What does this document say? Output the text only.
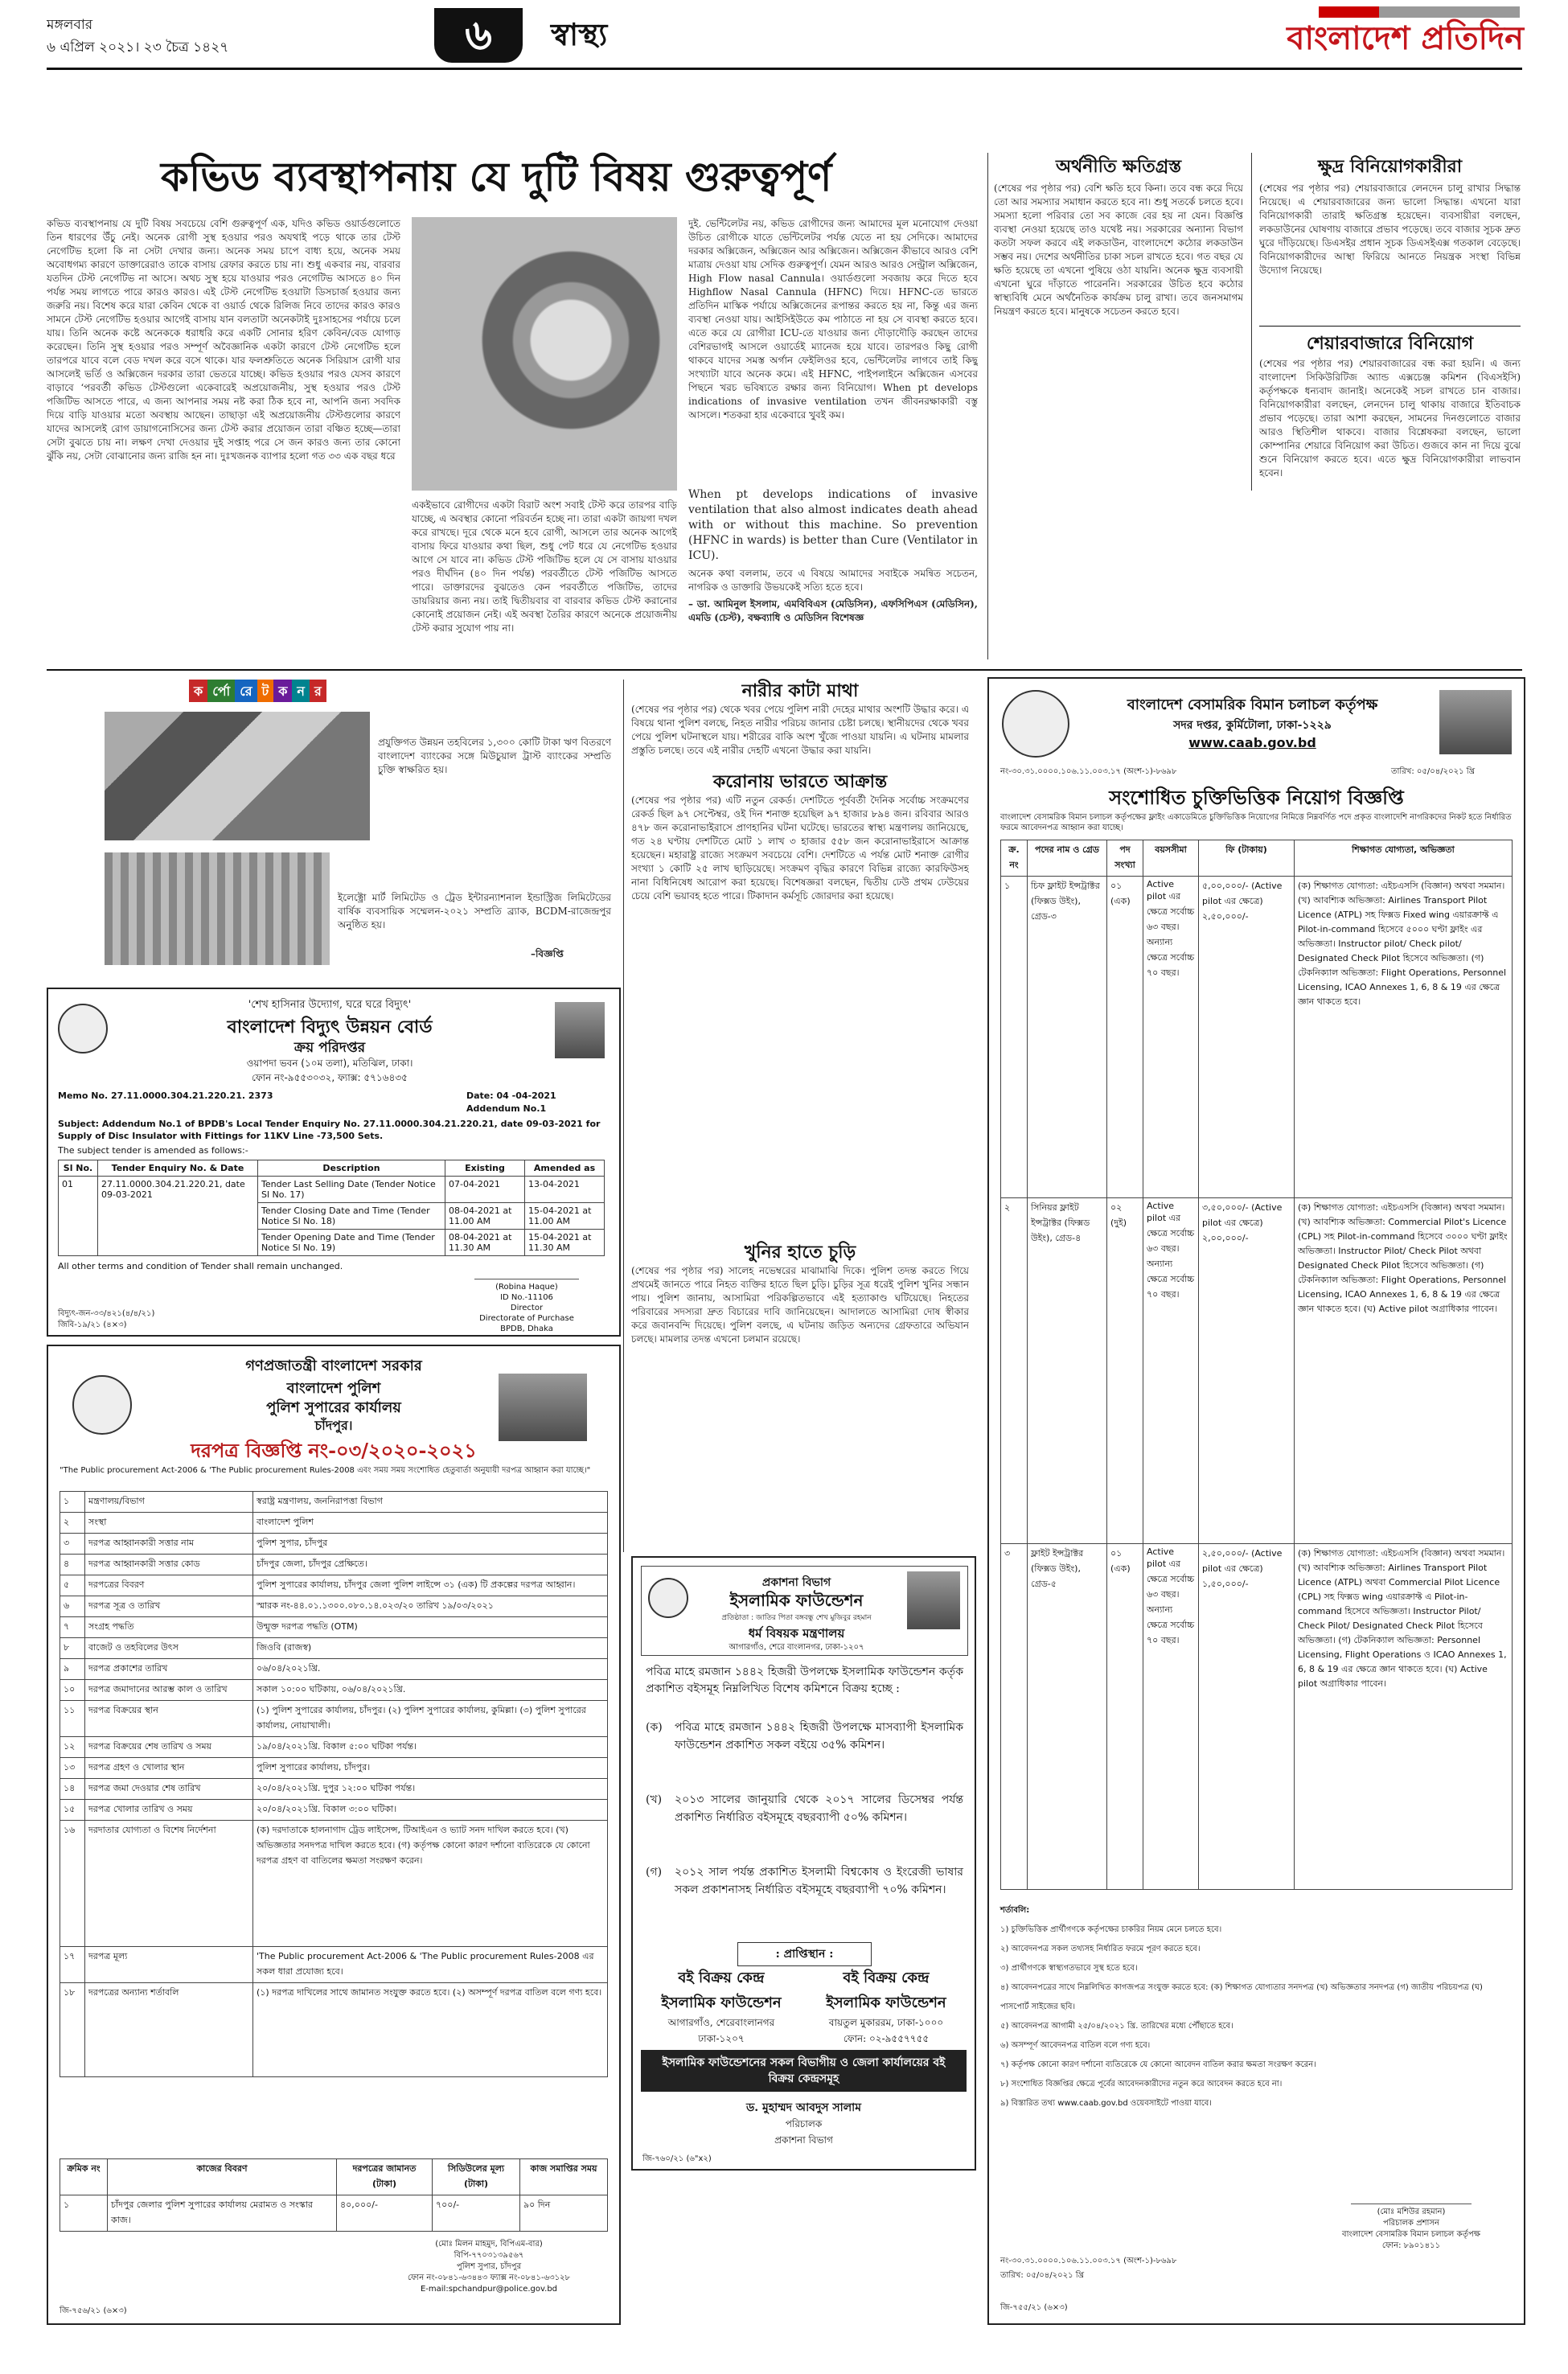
মঙ্গলবার
৬ এপ্রিল ২০২১। ২৩ চৈত্র ১৪২৭	৬	স্বাস্থ্য	বাংলাদেশ প্রতিদিন
কভিড ব্যবস্থাপনায় যে দুটি বিষয় গুরুত্বপূর্ণ
কভিড ব্যবস্থাপনায় যে দুটি বিষয় সবচেয়ে বেশি গুরুত্বপূর্ণ এক, যদিও কভিড ওয়ার্ডগুলোতে তিন ধারণের উঁচু নেই। অনেক রোগী সুস্থ হওয়ার পরও অযথাই পড়ে থাকে তার টেস্ট নেগেটিভ হলো কি না সেটা দেখার জন্য। অনেক সময় চাপে বাধ্য হয়ে, অনেক সময় অবোধগম্য কারণে ডাক্তারেরাও তাকে বাসায় রেফার করতে চায় না। শুধু একবার নয়, বারবার যতদিন টেস্ট নেগেটিভ না আসে। অথচ সুস্থ হয়ে যাওয়ার পরও নেগেটিভ আসতে ৪০ দিন পর্যন্ত সময় লাগতে পারে কারও কারও। এই টেস্ট নেগেটিভ হওয়াটা ডিসচার্জ হওয়ার জন্য জরুরি নয়। বিশেষ করে যারা কেবিন থেকে বা ওয়ার্ড থেকে রিলিজ নিবে তাদের কারও কারও সামনে টেস্ট নেগেটিভ হওয়ার আগেই বাসায় যান বলতাটা অনেকটাই দুঃসাহসের পর্যায়ে চলে যায়। তিনি অনেক কষ্টে অনেককে ধরাধরি করে একটি সোনার হরিণ কেবিন/বেড যোগাড় করেছেন। তিনি সুস্থ হওয়ার পরও সম্পূর্ণ অবৈজ্ঞানিক একটা কারণে টেস্ট নেগেটিভ হলে তারপরে যাবে বলে বেড দখল করে বসে থাকে। যার ফলশ্রুতিতে অনেক সিরিয়াস রোগী যার আসলেই ভর্তি ও অক্সিজেন দরকার তারা ভেতরে যাচ্ছে। কভিড হওয়ার পরও যেসব কারণে বাড়াবে ‘পরবর্তী কভিড টেস্টগুলো একেবারেই অপ্রয়োজনীয়, সুস্থ হওয়ার পরও টেস্ট পজিটিভ আসতে পারে, এ জন্য আপনার সময় নষ্ট করা ঠিক হবে না, আপনি জন্য সবদিক দিয়ে বাড়ি যাওয়ার মতো অবস্থায় আছেন। তাছাড়া এই অপ্রয়োজনীয় টেস্টগুলোর কারণে যাদের আসলেই রোগ ডায়াগনোসিসের জন্য টেস্ট করার প্রয়োজন তারা বঞ্চিত হচ্ছে—তারা সেটা বুঝতে চায় না। লক্ষণ দেখা দেওয়ার দুই সপ্তাহ পরে সে জন কারও জন্য তার কোনো ঝুঁকি নয়, সেটা বোঝানোর জন্য রাজি হন না। দুঃখজনক ব্যাপার হলো গত ৩৩ এক বছর ধরে
একইভাবে রোগীদের একটা বিরাট অংশ সবাই টেস্ট করে তারপর বাড়ি যাচ্ছে, এ অবস্থার কোনো পরিবর্তন হচ্ছে না। তারা একটা জায়গা দখল করে রাখছে। দূরে থেকে মনে হবে রোগী, আসলে তার অনেক আগেই বাসায় ফিরে যাওয়ার কথা ছিল, শুধু পেট ধরে যে নেগেটিভ হওয়ার আগে সে যাবে না। কভিড টেস্ট পজিটিভ হলে যে সে বাসায় যাওয়ার পরও দীর্ঘদিন (৪০ দিন পর্যন্ত) পরবর্তীতে টেস্ট পজিটিভ আসতে পারে। ডাক্তারদের বুঝতেও কেন পরবর্তীতে পজিটিভ, তাদের ডায়রিয়ার জন্য নয়। তাই দ্বিতীয়বার বা বারবার কভিড টেস্ট করানোর কোনোই প্রয়োজন নেই। এই অবস্থা তৈরির কারণে অনেকে প্রয়োজনীয় টেস্ট করার সুযোগ পায় না।
দুই. ভেন্টিলেটর নয়, কভিড রোগীদের জন্য আমাদের মূল মনোযোগ দেওয়া উচিত রোগীকে যাতে ভেন্টিলেটর পর্যন্ত যেতে না হয় সেদিকে। আমাদের দরকার অক্সিজেন, অক্সিজেন আর অক্সিজেন। অক্সিজেন কীভাবে আরও বেশি মাত্রায় দেওয়া যায় সেদিক গুরুত্বপূর্ণ। যেমন আরও আরও সেন্ট্রাল অক্সিজেন, High Flow nasal Cannula। ওয়ার্ডগুলো সবজায় করে দিতে হবে Highflow Nasal Cannula (HFNC) দিয়ে। HFNC-তে ভারতে প্রতিদিন মাস্কিক পর্যায়ে অক্সিজেনের রূপান্তর করতে হয় না, কিন্তু এর জন্য ব্যবস্থা নেওয়া যায়। আইসিইউতে কম পাঠাতে না হয় সে ব্যবস্থা করতে হবে। এতে করে যে রোগীরা ICU-তে যাওয়ার জন্য দৌড়াদৌড়ি করছেন তাদের বেশিরভাগই আসলে ওয়ার্ডেই ম্যানেজ হয়ে যাবে। তারপরও কিছু রোগী থাকবে যাদের সমস্ত অর্গান ফেইলিওর হবে, ভেন্টিলেটর লাগবে তাই কিছু সংখ্যাটা যাবে অনেক কমে। এই HFNC, পাইপলাইনে অক্সিজেন এসবের পিছনে খরচ ভবিষ্যতে রক্ষার জন্য বিনিয়োগ। When pt develops indications of invasive ventilation তখন জীবনরক্ষাকারী বস্তু আসলে। শতকরা হার একেবারে খুবই কম।
When pt develops indications of invasive ventilation that also almost indicates death ahead with or without this machine. So prevention (HFNC in wards) is better than Cure (Ventilator in ICU).
অনেক কথা বললাম, তবে এ বিষয়ে আমাদের সবাইকে সমন্বিত সচেতন, নাগরিক ও ডাক্তারি উভয়কেই সত্যি হতে হবে।
– ডা. আমিনুল ইসলাম, এমবিবিএস (মেডিসিন), এফসিপিএস (মেডিসিন), এমডি (চেস্ট), বক্ষব্যাধি ও মেডিসিন বিশেষজ্ঞ
অর্থনীতি ক্ষতিগ্রস্ত
(শেষের পর পৃষ্ঠার পর) বেশি ক্ষতি হবে কিনা। তবে বন্ধ করে দিয়ে তো আর সমস্যার সমাধান করতে হবে না। শুধু সতর্কে চলতে হবে। সমস্যা হলো পরিবার তো সব কাজে বের হয় না যেন। বিজ্ঞপ্তি ব্যবস্থা নেওয়া হয়েছে তাও যথেষ্ট নয়। সরকারের অন্যান্য বিভাগ কতটা সফল করবে এই লকডাউন, বাংলাদেশে কঠোর লকডাউন সম্ভব নয়। দেশের অর্থনীতির চাকা সচল রাখতে হবে। গত বছর যে ক্ষতি হয়েছে তা এখনো পুষিয়ে ওঠা যায়নি। অনেক ক্ষুদ্র ব্যবসায়ী এখনো ঘুরে দাঁড়াতে পারেননি। সরকারের উচিত হবে কঠোর স্বাস্থ্যবিধি মেনে অর্থনৈতিক কার্যক্রম চালু রাখা। তবে জনসমাগম নিয়ন্ত্রণ করতে হবে। মানুষকে সচেতন করতে হবে।
ক্ষুদ্র বিনিয়োগকারীরা
(শেষের পর পৃষ্ঠার পর) শেয়ারবাজারে লেনদেন চালু রাখার সিদ্ধান্ত নিয়েছে। এ শেয়ারবাজারের জন্য ভালো সিদ্ধান্ত। এখনো যারা বিনিয়োগকারী তারাই ক্ষতিগ্রস্ত হয়েছেন। ব্যবসায়ীরা বলছেন, লকডাউনের ঘোষণায় বাজারে প্রভাব পড়েছে। তবে বাজার সূচক দ্রুত ঘুরে দাঁড়িয়েছে। ডিএসইর প্রধান সূচক ডিএসইএক্স গতকাল বেড়েছে। বিনিয়োগকারীদের আস্থা ফিরিয়ে আনতে নিয়ন্ত্রক সংস্থা বিভিন্ন উদ্যোগ নিয়েছে।
শেয়ারবাজারে বিনিয়োগ
(শেষের পর পৃষ্ঠার পর) শেয়ারবাজারের বন্ধ করা হয়নি। এ জন্য বাংলাদেশ সিকিউরিটিজ অ্যান্ড এক্সচেঞ্জ কমিশন (বিএসইসি) কর্তৃপক্ষকে ধন্যবাদ জানাই। অনেকেই সচল রাখতে চান বাজার। বিনিয়োগকারীরা বলছেন, লেনদেন চালু থাকায় বাজারে ইতিবাচক প্রভাব পড়েছে। তারা আশা করছেন, সামনের দিনগুলোতে বাজার আরও স্থিতিশীল থাকবে। বাজার বিশ্লেষকরা বলছেন, ভালো কোম্পানির শেয়ারে বিনিয়োগ করা উচিত। গুজবে কান না দিয়ে বুঝে শুনে বিনিয়োগ করতে হবে। এতে ক্ষুদ্র বিনিয়োগকারীরা লাভবান হবেন।
ক র্পো রে ট ক ন র
প্রযুক্তিগত উন্নয়ন তহবিলের ১,৩০০ কোটি টাকা ঋণ বিতরণে বাংলাদেশ ব্যাংকের সঙ্গে মিউচুয়াল ট্রাস্ট ব্যাংকের সম্প্রতি চুক্তি স্বাক্ষরিত হয়।
ইলেক্ট্রো মার্ট লিমিটেড ও ট্রেড ইন্টারন্যাশনাল ইন্ডাস্ট্রিজ লিমিটেডের বার্ষিক ব্যবসায়িক সম্মেলন-২০২১ সম্প্রতি ব্র্যাক, BCDM-রাজেন্দ্রপুর অনুষ্ঠিত হয়।
–বিজ্ঞপ্তি
নারীর কাটা মাথা
(শেষের পর পৃষ্ঠার পর) থেকে খবর পেয়ে পুলিশ নারী দেহের মাথার অংশটি উদ্ধার করে। এ বিষয়ে থানা পুলিশ বলছে, নিহত নারীর পরিচয় জানার চেষ্টা চলছে। স্থানীয়দের থেকে খবর পেয়ে পুলিশ ঘটনাস্থলে যায়। শরীরের বাকি অংশ খুঁজে পাওয়া যায়নি। এ ঘটনায় মামলার প্রস্তুতি চলছে। তবে এই নারীর দেহটি এখনো উদ্ধার করা যায়নি।
করোনায় ভারতে আক্রান্ত
(শেষের পর পৃষ্ঠার পর) এটি নতুন রেকর্ড। দেশটিতে পূর্ববর্তী দৈনিক সর্বোচ্চ সংক্রমণের রেকর্ড ছিল ৯৭ সেপ্টেম্বর, ওই দিন শনাক্ত হয়েছিল ৯৭ হাজার ৮৯৪ জন। রবিবার আরও ৪৭৮ জন করোনাভাইরাসে প্রাণহানির ঘটনা ঘটেছে। ভারতের স্বাস্থ্য মন্ত্রণালয় জানিয়েছে, গত ২৪ ঘণ্টায় দেশটিতে মোট ১ লাখ ৩ হাজার ৫৫৮ জন করোনাভাইরাসে আক্রান্ত হয়েছেন। মহারাষ্ট্র রাজ্যে সংক্রমণ সবচেয়ে বেশি। দেশটিতে এ পর্যন্ত মোট শনাক্ত রোগীর সংখ্যা ১ কোটি ২৫ লাখ ছাড়িয়েছে। সংক্রমণ বৃদ্ধির কারণে বিভিন্ন রাজ্যে কারফিউসহ নানা বিধিনিষেধ আরোপ করা হয়েছে। বিশেষজ্ঞরা বলছেন, দ্বিতীয় ঢেউ প্রথম ঢেউয়ের চেয়ে বেশি ভয়াবহ হতে পারে। টিকাদান কর্মসূচি জোরদার করা হয়েছে।
খুনির হাতে চুড়ি
(শেষের পর পৃষ্ঠার পর) সালেহ নভেম্বরের মাঝামাঝি দিকে। পুলিশ তদন্ত করতে গিয়ে প্রথমেই জানতে পারে নিহত ব্যক্তির হাতে ছিল চুড়ি। চুড়ির সূত্র ধরেই পুলিশ খুনির সন্ধান পায়। পুলিশ জানায়, আসামিরা পরিকল্পিতভাবে এই হত্যাকাণ্ড ঘটিয়েছে। নিহতের পরিবারের সদস্যরা দ্রুত বিচারের দাবি জানিয়েছেন। আদালতে আসামিরা দোষ স্বীকার করে জবানবন্দি দিয়েছে। পুলিশ বলছে, এ ঘটনায় জড়িত অন্যদের গ্রেফতারে অভিযান চলছে। মামলার তদন্ত এখনো চলমান রয়েছে।
'শেখ হাসিনার উদ্যোগ, ঘরে ঘরে বিদ্যুৎ'
বাংলাদেশ বিদ্যুৎ উন্নয়ন বোর্ড
ক্রয় পরিদপ্তর
ওয়াপদা ভবন (১০ম তলা), মতিঝিল, ঢাকা।
ফোন নং-৯৫৫৩০৩২, ফ্যাক্স: ৫৭১৬৪৩৫
Memo No. 27.11.0000.304.21.220.21. 2373	Date: 04 -04-2021
Addendum No.1
Subject: Addendum No.1 of BPDB's Local Tender Enquiry No. 27.11.0000.304.21.220.21, date 09-03-2021 for Supply of Disc Insulator with Fittings for 11KV Line -73,500 Sets.
The subject tender is amended as follows:-
Sl No.	Tender Enquiry No. & Date	Description	Existing	Amended as
01	27.11.0000.304.21.220.21, date 09-03-2021	Tender Last Selling Date (Tender Notice Sl No. 17)	07-04-2021	13-04-2021
		Tender Closing Date and Time (Tender Notice Sl No. 18)	08-04-2021 at 11.00 AM	15-04-2021 at 11.00 AM
		Tender Opening Date and Time (Tender Notice Sl No. 19)	08-04-2021 at 11.30 AM	15-04-2021 at 11.30 AM
All other terms and condition of Tender shall remain unchanged.
(Robina Haque)
ID No.-11106
Director
Directorate of Purchase
BPDB, Dhaka
বিদ্যুৎ-জন-৩৩/৪২১(৪/৪/২১)
জিবি-১৯/২১ (৪×৩)
গণপ্রজাতন্ত্রী বাংলাদেশ সরকার
বাংলাদেশ পুলিশ
পুলিশ সুপারের কার্যালয়
চাঁদপুর।
দরপত্র বিজ্ঞপ্তি নং-০৩/২০২০-২০২১
"The Public procurement Act-2006 & 'The Public procurement Rules-2008 এবং সময় সময় সংশোধিত হেতুবার্তা অনুযায়ী দরপত্র আহ্বান করা যাচ্ছে।"
১	মন্ত্রণালয়/বিভাগ	স্বরাষ্ট্র মন্ত্রণালয়, জননিরাপত্তা বিভাগ
২	সংস্থা	বাংলাদেশ পুলিশ
৩	দরপত্র আহ্বানকারী সত্তার নাম	পুলিশ সুপার, চাঁদপুর
৪	দরপত্র আহ্বানকারী সত্তার কোড	চাঁদপুর জেলা, চাঁদপুর প্রেক্ষিতে।
৫	দরপত্রের বিবরণ	পুলিশ সুপারের কার্যালয়, চাঁদপুর জেলা পুলিশ লাইন্সে ৩১ (এক) টি প্রকল্পের দরপত্র আহ্বান।
৬	দরপত্র সূত্র ও তারিখ	স্মারক নং-৪৪.০১.১৩০০.০৮০.১৪.০২৩/২০ তারিখ ১৯/০৩/২০২১
৭	সংগ্রহ পদ্ধতি	উন্মুক্ত দরপত্র পদ্ধতি (OTM)
৮	বাজেট ও তহবিলের উৎস	জিওবি (রাজস্ব)
৯	দরপত্র প্রকাশের তারিখ	০৬/০৪/২০২১খ্রি.
১০	দরপত্র জমাদানের আরম্ভ কাল ও তারিখ	সকাল ১০:০০ ঘটিকায়, ০৬/০৪/২০২১খ্রি.
১১	দরপত্র বিক্রয়ের স্থান	(১) পুলিশ সুপারের কার্যালয়, চাঁদপুর। (২) পুলিশ সুপারের কার্যালয়, কুমিল্লা। (৩) পুলিশ সুপারের কার্যালয়, নোয়াখালী।
১২	দরপত্র বিক্রয়ের শেষ তারিখ ও সময়	১৯/০৪/২০২১খ্রি. বিকাল ৫:০০ ঘটিকা পর্যন্ত।
১৩	দরপত্র গ্রহণ ও খোলার স্থান	পুলিশ সুপারের কার্যালয়, চাঁদপুর।
১৪	দরপত্র জমা দেওয়ার শেষ তারিখ	২০/০৪/২০২১খ্রি. দুপুর ১২:০০ ঘটিকা পর্যন্ত।
১৫	দরপত্র খোলার তারিখ ও সময়	২০/০৪/২০২১খ্রি. বিকাল ৩:০০ ঘটিকা।
১৬	দরদাতার যোগ্যতা ও বিশেষ নির্দেশনা	(ক) দরদাতাকে হালনাগাদ ট্রেড লাইসেন্স, টিআইএন ও ভ্যাট সনদ দাখিল করতে হবে। (খ) অভিজ্ঞতার সনদপত্র দাখিল করতে হবে। (গ) কর্তৃপক্ষ কোনো কারণ দর্শানো ব্যতিরেকে যে কোনো দরপত্র গ্রহণ বা বাতিলের ক্ষমতা সংরক্ষণ করেন।
১৭	দরপত্র মূল্য	'The Public procurement Act-2006 & 'The Public procurement Rules-2008 এর সকল ধারা প্রযোজ্য হবে।
১৮	দরপত্রের অন্যান্য শর্তাবলি	(১) দরপত্র দাখিলের সাথে জামানত সংযুক্ত করতে হবে। (২) অসম্পূর্ণ দরপত্র বাতিল বলে গণ্য হবে।
ক্রমিক নং	কাজের বিবরণ	দরপত্রের জামানত (টাকা)	সিডিউলের মূল্য (টাকা)	কাজ সমাপ্তির সময়
১	চাঁদপুর জেলার পুলিশ সুপারের কার্যালয় মেরামত ও সংস্কার কাজ।	৪০,০০০/-	৭০০/-	৯০ দিন
(মোঃ মিলন মাহমুদ, বিপিএম-বার)
বিপি-৭৭০৩১৩৯৫৬৭
পুলিশ সুপার, চাঁদপুর
ফোন নং-০৮৪১-৬৩৪৪৩ ফ্যাক্স নং-০৮৪১-৬৩১২৮
E-mail:spchandpur@police.gov.bd
জি-৭৫৬/২১ (৬×৩)
প্রকাশনা বিভাগ
ইসলামিক ফাউন্ডেশন
প্রতিষ্ঠাতা : জাতির পিতা বঙ্গবন্ধু শেখ মুজিবুর রহমান
ধর্ম বিষয়ক মন্ত্রণালয়
আগারগাঁও, শেরে বাংলানগর, ঢাকা-১২০৭
পবিত্র মাহে রমজান ১৪৪২ হিজরী উপলক্ষে ইসলামিক ফাউন্ডেশন কর্তৃক প্রকাশিত বইসমূহ নিম্নলিখিত বিশেষ কমিশনে বিক্রয় হচ্ছে :
(ক)	পবিত্র মাহে রমজান ১৪৪২ হিজরী উপলক্ষে মাসব্যাপী ইসলামিক ফাউন্ডেশন প্রকাশিত সকল বইয়ে ৩৫% কমিশন।
(খ)	২০১৩ সালের জানুয়ারি থেকে ২০১৭ সালের ডিসেম্বর পর্যন্ত প্রকাশিত নির্ধারিত বইসমূহে বছরব্যাপী ৫০% কমিশন।
(গ)	২০১২ সাল পর্যন্ত প্রকাশিত ইসলামী বিশ্বকোষ ও ইংরেজী ভাষার সকল প্রকাশনাসহ নির্ধারিত বইসমূহে বছরব্যাপী ৭০% কমিশন।
: প্রাপ্তিস্থান :
বই বিক্রয় কেন্দ্র
ইসলামিক ফাউন্ডেশন
আগারগাঁও, শেরেবাংলানগর
ঢাকা-১২০৭
বই বিক্রয় কেন্দ্র
ইসলামিক ফাউন্ডেশন
বায়তুল মুকাররম, ঢাকা-১০০০
ফোন: ০২-৯৫৫৭৭৫৫
ইসলামিক ফাউন্ডেশনের সকল বিভাগীয় ও জেলা কার্যালয়ের বই বিক্রয় কেন্দ্রসমূহ
ড. মুহাম্মদ আবদুস সালাম
পরিচালক
প্রকাশনা বিভাগ
জি-৭৬০/২১ (৬"x২)
বাংলাদেশ বেসামরিক বিমান চলাচল কর্তৃপক্ষ
সদর দপ্তর, কুর্মিটোলা, ঢাকা-১২২৯
www.caab.gov.bd
নং-৩০.৩১.০০০০.১০৬.১১.০০৩.১৭ (অংশ-১)-৮৬৯৮	তারিখ: ০৫/০৪/২০২১ খ্রি
সংশোধিত চুক্তিভিত্তিক নিয়োগ বিজ্ঞপ্তি
বাংলাদেশ বেসামরিক বিমান চলাচল কর্তৃপক্ষের ফ্লাইং একাডেমিতে চুক্তিভিত্তিক নিয়োগের নিমিত্তে নিম্নবর্ণিত পদে প্রকৃত বাংলাদেশি নাগরিকদের নিকট হতে নির্ধারিত ফরমে আবেদনপত্র আহ্বান করা যাচ্ছে।
ক্র. নং	পদের নাম ও গ্রেড	পদ সংখ্যা	বয়সসীমা	ফি (টাকায়)	শিক্ষাগত যোগ্যতা, অভিজ্ঞতা
১	চিফ ফ্লাইট ইন্সট্রাক্টর (ফিক্সড উইং), গ্রেড-৩	০১ (এক)	Active pilot এর ক্ষেত্রে সর্বোচ্চ ৬৩ বছর। অন্যান্য ক্ষেত্রে সর্বোচ্চ ৭০ বছর।	৫,০০,০০০/- (Active pilot এর ক্ষেত্রে) ২,৫০,০০০/-	(ক) শিক্ষাগত যোগ্যতা: এইচএসসি (বিজ্ঞান) অথবা সমমান। (খ) আবশ্যিক অভিজ্ঞতা: Airlines Transport Pilot Licence (ATPL) সহ ফিক্সড Fixed wing এয়ারক্রাফ্ট এ Pilot-in-command হিসেবে ৫০০০ ঘণ্টা ফ্লাইং এর অভিজ্ঞতা। Instructor pilot/ Check pilot/ Designated Check Pilot হিসেবে অভিজ্ঞতা। (গ) টেকনিক্যাল অভিজ্ঞতা: Flight Operations, Personnel Licensing, ICAO Annexes 1, 6, 8 & 19 এর ক্ষেত্রে জ্ঞান থাকতে হবে।
২	সিনিয়র ফ্লাইট ইন্সট্রাক্টর (ফিক্সড উইং), গ্রেড-৪	০২ (দুই)	Active pilot এর ক্ষেত্রে সর্বোচ্চ ৬৩ বছর। অন্যান্য ক্ষেত্রে সর্বোচ্চ ৭০ বছর।	৩,৫০,০০০/- (Active pilot এর ক্ষেত্রে) ২,০০,০০০/-	(ক) শিক্ষাগত যোগ্যতা: এইচএসসি (বিজ্ঞান) অথবা সমমান। (খ) আবশ্যিক অভিজ্ঞতা: Commercial Pilot's Licence (CPL) সহ Pilot-in-command হিসেবে ৩০০০ ঘণ্টা ফ্লাইং অভিজ্ঞতা। Instructor Pilot/ Check Pilot অথবা Designated Check Pilot হিসেবে অভিজ্ঞতা। (গ) টেকনিক্যাল অভিজ্ঞতা: Flight Operations, Personnel Licensing, ICAO Annexes 1, 6, 8 & 19 এর ক্ষেত্রে জ্ঞান থাকতে হবে। (ঘ) Active pilot অগ্রাধিকার পাবেন।
৩	ফ্লাইট ইন্সট্রাক্টর (ফিক্সড উইং), গ্রেড-৫	০১ (এক)	Active pilot এর ক্ষেত্রে সর্বোচ্চ ৬৩ বছর। অন্যান্য ক্ষেত্রে সর্বোচ্চ ৭০ বছর।	২,৫০,০০০/- (Active pilot এর ক্ষেত্রে) ১,৫০,০০০/-	(ক) শিক্ষাগত যোগ্যতা: এইচএসসি (বিজ্ঞান) অথবা সমমান। (খ) আবশ্যিক অভিজ্ঞতা: Airlines Transport Pilot Licence (ATPL) অথবা Commercial Pilot Licence (CPL) সহ ফিক্সড wing এয়ারক্রাফ্ট এ Pilot-in-command হিসেবে অভিজ্ঞতা। Instructor Pilot/ Check Pilot/ Designated Check Pilot হিসেবে অভিজ্ঞতা। (গ) টেকনিক্যাল অভিজ্ঞতা: Personnel Licensing, Flight Operations ও ICAO Annexes 1, 6, 8 & 19 এর ক্ষেত্রে জ্ঞান থাকতে হবে। (ঘ) Active pilot অগ্রাধিকার পাবেন।
শর্তাবলি:
১) চুক্তিভিত্তিক প্রার্থীগণকে কর্তৃপক্ষের চাকরির নিয়ম মেনে চলতে হবে।
২) আবেদনপত্র সকল তথ্যসহ নির্ধারিত ফরমে পূরণ করতে হবে।
৩) প্রার্থীগণকে স্বাস্থ্যগতভাবে সুস্থ হতে হবে।
৪) আবেদনপত্রের সাথে নিম্নলিখিত কাগজপত্র সংযুক্ত করতে হবে: (ক) শিক্ষাগত যোগ্যতার সনদপত্র (খ) অভিজ্ঞতার সনদপত্র (গ) জাতীয় পরিচয়পত্র (ঘ) পাসপোর্ট সাইজের ছবি।
৫) আবেদনপত্র আগামী ২৫/০৪/২০২১ খ্রি. তারিখের মধ্যে পৌঁছাতে হবে।
৬) অসম্পূর্ণ আবেদনপত্র বাতিল বলে গণ্য হবে।
৭) কর্তৃপক্ষ কোনো কারণ দর্শানো ব্যতিরেকে যে কোনো আবেদন বাতিল করার ক্ষমতা সংরক্ষণ করেন।
৮) সংশোধিত বিজ্ঞপ্তির ক্ষেত্রে পূর্বের আবেদনকারীদের নতুন করে আবেদন করতে হবে না।
৯) বিস্তারিত তথ্য www.caab.gov.bd ওয়েবসাইটে পাওয়া যাবে।
(মোঃ মশিউর রহমান)
পরিচালক প্রশাসন
বাংলাদেশ বেসামরিক বিমান চলাচল কর্তৃপক্ষ
ফোন: ৮৯০১৪১১
নং-৩০.৩১.০০০০.১০৬.১১.০০৩.১৭ (অংশ-১)-৮৬৯৮
তারিখ: ০৫/০৪/২০২১ খ্রি
জি-৭৫৫/২১ (৬×৩)
